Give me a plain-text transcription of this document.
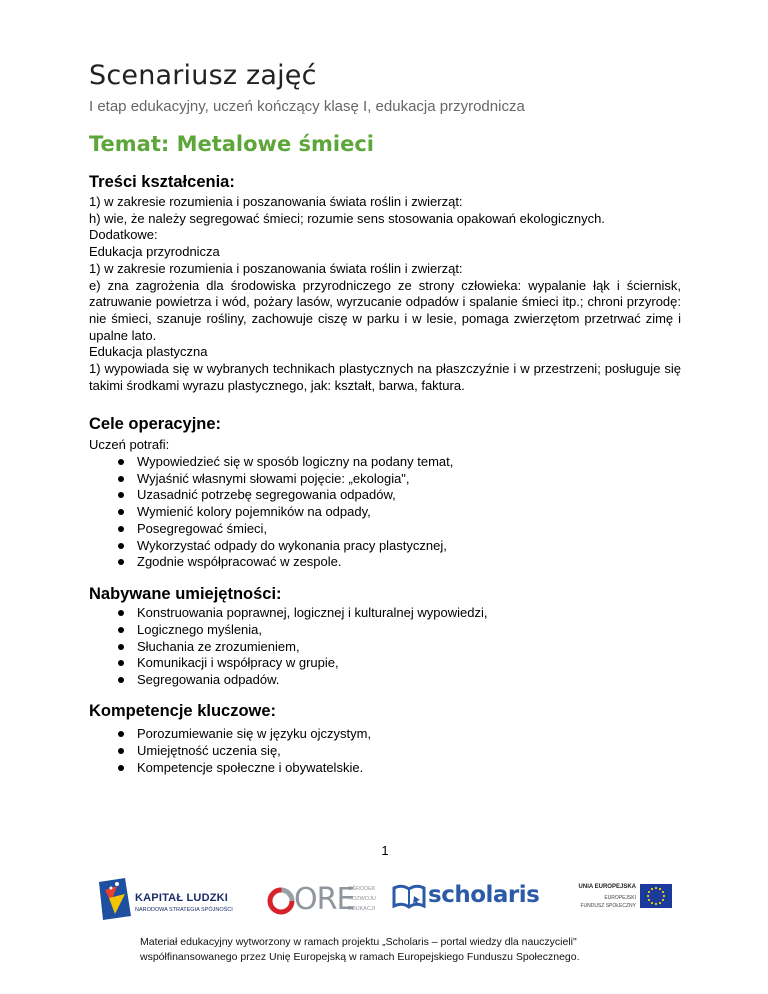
Scenariusz zajęć
I etap edukacyjny, uczeń kończący klasę I, edukacja przyrodnicza
Temat: Metalowe śmieci
Treści kształcenia:

1) w zakresie rozumienia i poszanowania świata roślin i zwierząt:

h) wie, że należy segregować śmieci; rozumie sens stosowania opakowań ekologicznych.

Dodatkowe:

Edukacja przyrodnicza

1) w zakresie rozumienia i poszanowania świata roślin i zwierząt:

e) zna zagrożenia dla środowiska przyrodniczego ze strony człowieka: wypalanie łąk i ściernisk, zatruwanie powietrza i wód, pożary lasów, wyrzucanie odpadów i spalanie śmieci itp.; chroni przyrodę: nie śmieci, szanuje rośliny, zachowuje ciszę w parku i w lesie, pomaga zwierzętom przetrwać zimę i upalne lato.

Edukacja plastyczna

1) wypowiada się w wybranych technikach plastycznych na płaszczyźnie i w przestrzeni; posługuje się takimi środkami wyrazu plastycznego, jak: kształt, barwa, faktura.

Cele operacyjne:

Uczeń potrafi:

Wypowiedzieć się w sposób logiczny na podany temat,
Wyjaśnić własnymi słowami pojęcie: „ekologia",
Uzasadnić potrzebę segregowania odpadów,
Wymienić kolory pojemników na odpady,
Posegregować śmieci,
Wykorzystać odpady do wykonania pracy plastycznej,
Zgodnie współpracować w zespole.
Nabywane umiejętności:
Konstruowania poprawnej, logicznej i kulturalnej wypowiedzi,
Logicznego myślenia,
Słuchania ze zrozumieniem,
Komunikacji i współpracy w grupie,
Segregowania odpadów.
Kompetencje kluczowe:
Porozumiewanie się w języku ojczystym,
Umiejętność uczenia się,
Kompetencje społeczne i obywatelskie.
1
KAPITAŁ LUDZKI
NARODOWA STRATEGIA SPÓJNOŚCI ORE
OŚRODEK
ROZWOJU
EDUKACJI
scholaris	UNIA EUROPEJSKA
EUROPEJSKI
FUNDUSZ SPOŁECZNY
Materiał edukacyjny wytworzony w ramach projektu „Scholaris – portal wiedzy dla nauczycieli"
współfinansowanego przez Unię Europejską w ramach Europejskiego Funduszu Społecznego.
